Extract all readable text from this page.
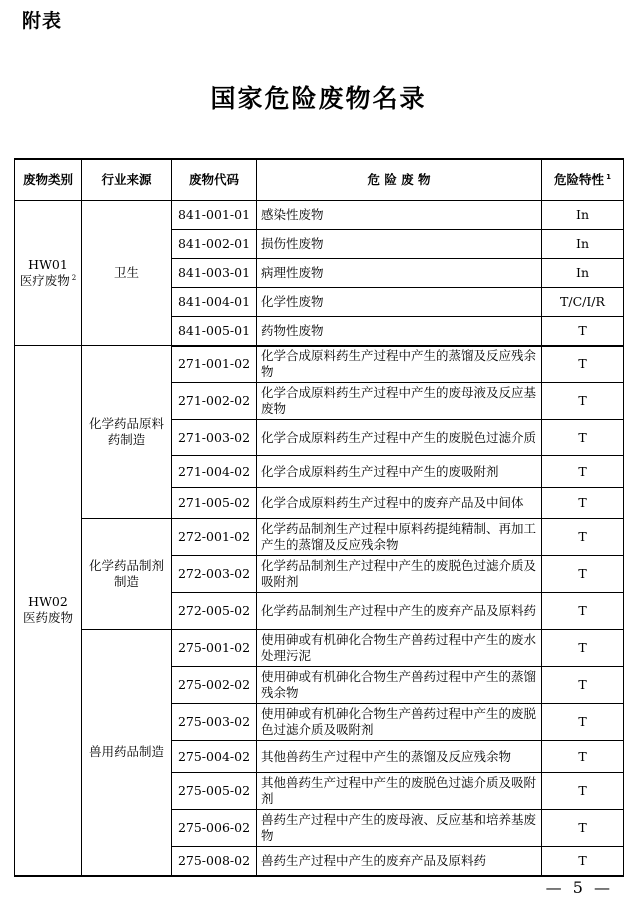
附表
国家危险废物名录
废物类别	行业来源	废物代码	危 险 废 物	危险特性 $^1$

HW01
医疗废物 $^2$	卫生	841-001-01	感染性废物	In
		841-002-01	损伤性废物	In
		841-003-01	病理性废物	In
		841-004-01	化学性废物	T/C/I/R
		841-005-01	药物性废物	T

HW02
医药废物	化学药品原料药制造	271-001-02	化学合成原料药生产过程中产生的蒸馏及反应残余物	T
		271-002-02	化学合成原料药生产过程中产生的废母液及反应基废物	T
		271-003-02	化学合成原料药生产过程中产生的废脱色过滤介质	T
		271-004-02	化学合成原料药生产过程中产生的废吸附剂	T
		271-005-02	化学合成原料药生产过程中的废弃产品及中间体	T
	化学药品制剂制造	272-001-02	化学药品制剂生产过程中原料药提纯精制、再加工产生的蒸馏及反应残余物	T
		272-003-02	化学药品制剂生产过程中产生的废脱色过滤介质及吸附剂	T
		272-005-02	化学药品制剂生产过程中产生的废弃产品及原料药	T
	兽用药品制造	275-001-02	使用砷或有机砷化合物生产兽药过程中产生的废水处理污泥	T
		275-002-02	使用砷或有机砷化合物生产兽药过程中产生的蒸馏残余物	T
		275-003-02	使用砷或有机砷化合物生产兽药过程中产生的废脱色过滤介质及吸附剂	T
		275-004-02	其他兽药生产过程中产生的蒸馏及反应残余物	T
		275-005-02	其他兽药生产过程中产生的废脱色过滤介质及吸附剂	T
		275-006-02	兽药生产过程中产生的废母液、反应基和培养基废物	T
		275-008-02	兽药生产过程中产生的废弃产品及原料药	T
— 5 —
